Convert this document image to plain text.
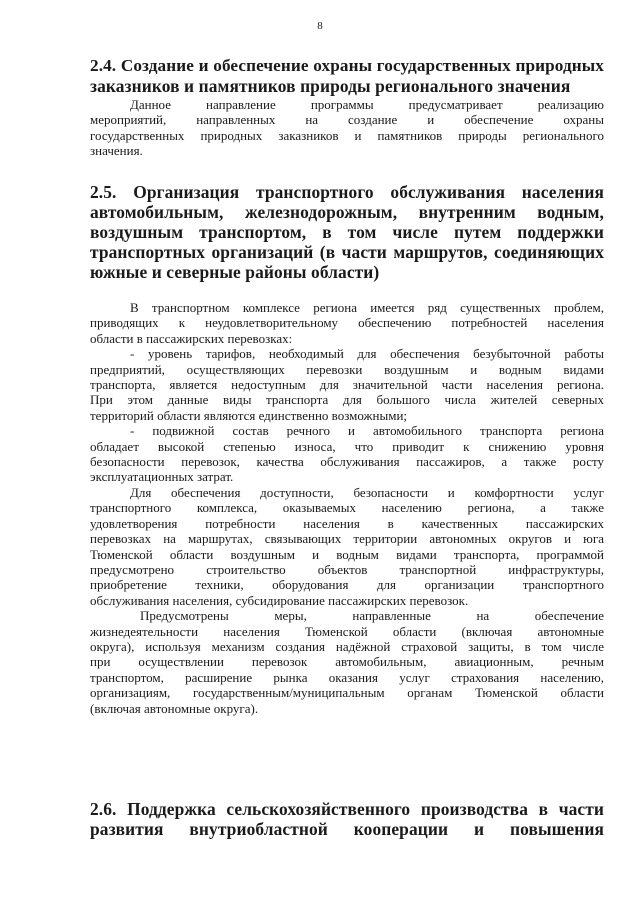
8
2.4. Создание и обеспечение охраны государственных природных
заказников и памятников природы регионального значения
Данное направление программы предусматривает реализацию
мероприятий, направленных на создание и обеспечение охраны
государственных природных заказников и памятников природы регионального
значения.
2.5. Организация транспортного обслуживания населения
автомобильным, железнодорожным, внутренним водным,
воздушным транспортом, в том числе путем поддержки
транспортных организаций (в части маршрутов, соединяющих
южные и северные районы области)
В транспортном комплексе региона имеется ряд существенных проблем,
приводящих к неудовлетворительному обеспечению потребностей населения
области в пассажирских перевозках:
- уровень тарифов, необходимый для обеспечения безубыточной работы
предприятий, осуществляющих перевозки воздушным и водным видами
транспорта, является недоступным для значительной части населения региона.
При этом данные виды транспорта для большого числа жителей северных
территорий области являются единственно возможными;
- подвижной состав речного и автомобильного транспорта региона
обладает высокой степенью износа, что приводит к снижению уровня
безопасности перевозок, качества обслуживания пассажиров, а также росту
эксплуатационных затрат.
Для обеспечения доступности, безопасности и комфортности услуг
транспортного комплекса, оказываемых населению региона, а также
удовлетворения потребности населения в качественных пассажирских
перевозках на маршрутах, связывающих территории автономных округов и юга
Тюменской области воздушным и водным видами транспорта, программой
предусмотрено строительство объектов транспортной инфраструктуры,
приобретение техники, оборудования для организации транспортного
обслуживания населения, субсидирование пассажирских перевозок.
Предусмотрены меры, направленные на обеспечение
жизнедеятельности населения Тюменской области (включая автономные
округа), используя механизм создания надёжной страховой защиты, в том числе
при осуществлении перевозок автомобильным, авиационным, речным
транспортом, расширение рынка оказания услуг страхования населению,
организациям, государственным/муниципальным органам Тюменской области
(включая автономные округа).
2.6. Поддержка сельскохозяйственного производства в части
развития внутриобластной кооперации и повышения
